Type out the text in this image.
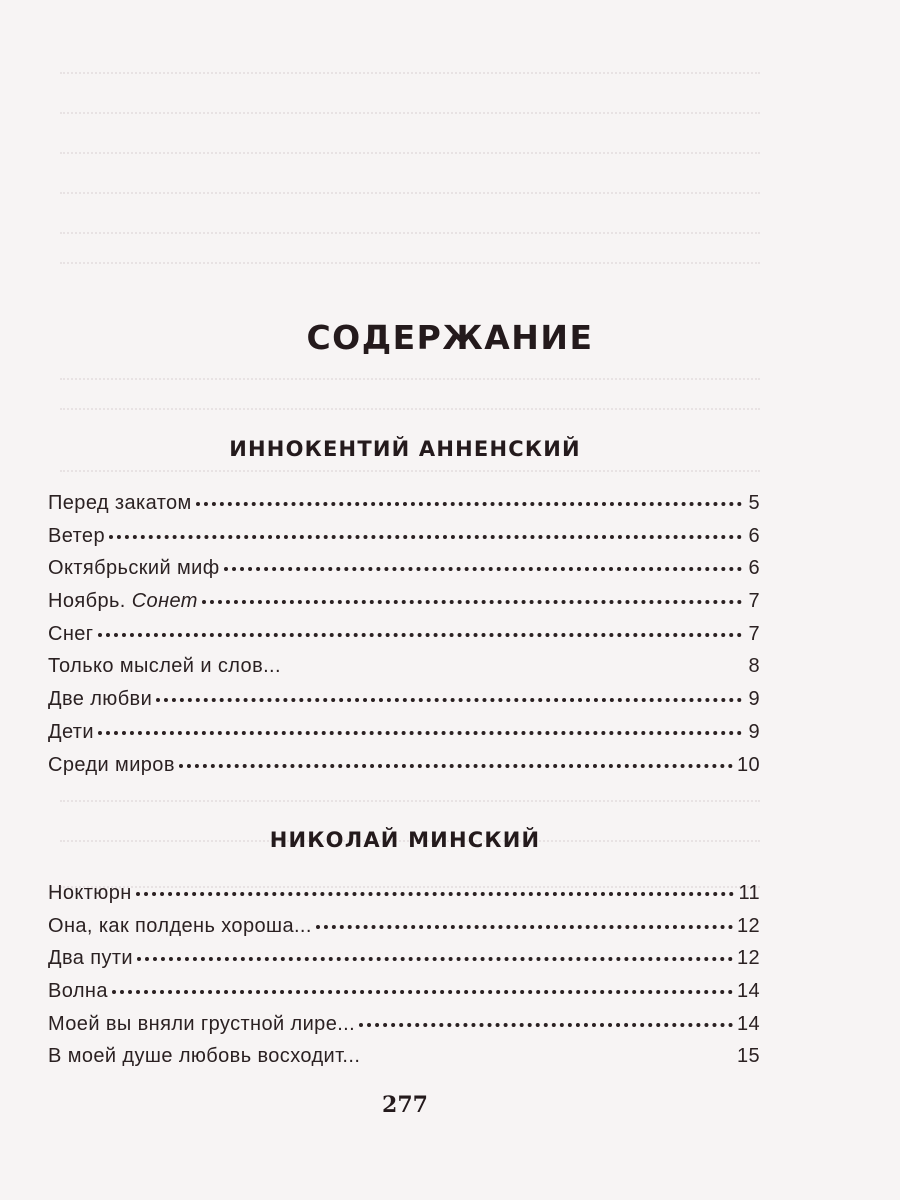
СОДЕРЖАНИЕ
ИННОКЕНТИЙ АННЕНСКИЙ
Перед закатом	5
Ветер	6
Октябрьский миф	6
Ноябрь. Сонет	7
Снег	7
Только мыслей и слов...	8
Две любви	9
Дети	9
Среди миров	10
НИКОЛАЙ МИНСКИЙ
Ноктюрн	11
Она, как полдень хороша...	12
Два пути	12
Волна	14
Моей вы вняли грустной лире...	14
В моей душе любовь восходит...	15
277
